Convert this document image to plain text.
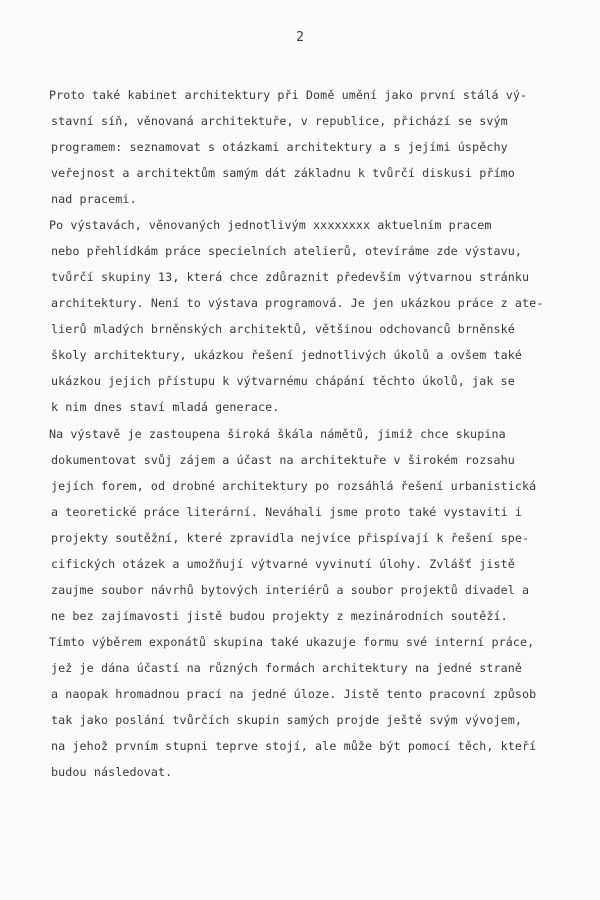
2
Proto také kabinet architektury při Domě umění jako první stálá vý-
stavní síň, věnovaná architektuře, v republice, přichází se svým
programem: seznamovat s otázkami architektury a s jejími úspěchy
veřejnost a architektům samým dát základnu k tvůrčí diskusi přímo
nad pracemi.
Po výstavách, věnovaných jednotlivým xxxxxxxx aktuelním pracem
nebo přehlídkám práce specielních atelierů, otevíráme zde výstavu,
tvůrčí skupiny 13, která chce zdůraznit především výtvarnou stránku
architektury. Není to výstava programová. Je jen ukázkou práce z ate-
lierů mladých brněnských architektů, většinou odchovanců brněnské
školy architektury, ukázkou řešení jednotlivých úkolů a ovšem také
ukázkou jejich přístupu k výtvarnému chápání těchto úkolů, jak se
k nim dnes staví mladá generace.
Na výstavě je zastoupena široká škála námětů, jimiž chce skupina
dokumentovat svůj zájem a účast na architektuře v širokém rozsahu
jejích forem, od drobné architektury po rozsáhlá řešení urbanistická
a teoretické práce literární. Neváhali jsme proto také vystaviti i
projekty soutěžní, které zpravidla nejvíce přispívají k řešení spe-
cifických otázek a umožňují výtvarné vyvinutí úlohy. Zvlášť jistě
zaujme soubor návrhů bytových interiérů a soubor projektů divadel a
ne bez zajímavosti jistě budou projekty z mezinárodních soutěží.
Tímto výběrem exponátů skupina také ukazuje formu své interní práce,
jež je dána účastí na různých formách architektury na jedné straně
a naopak hromadnou prací na jedné úloze. Jistě tento pracovní způsob
tak jako poslání tvůrčích skupin samých projde ještě svým vývojem,
na jehož prvním stupni teprve stojí, ale může být pomocí těch, kteří
budou následovat.
